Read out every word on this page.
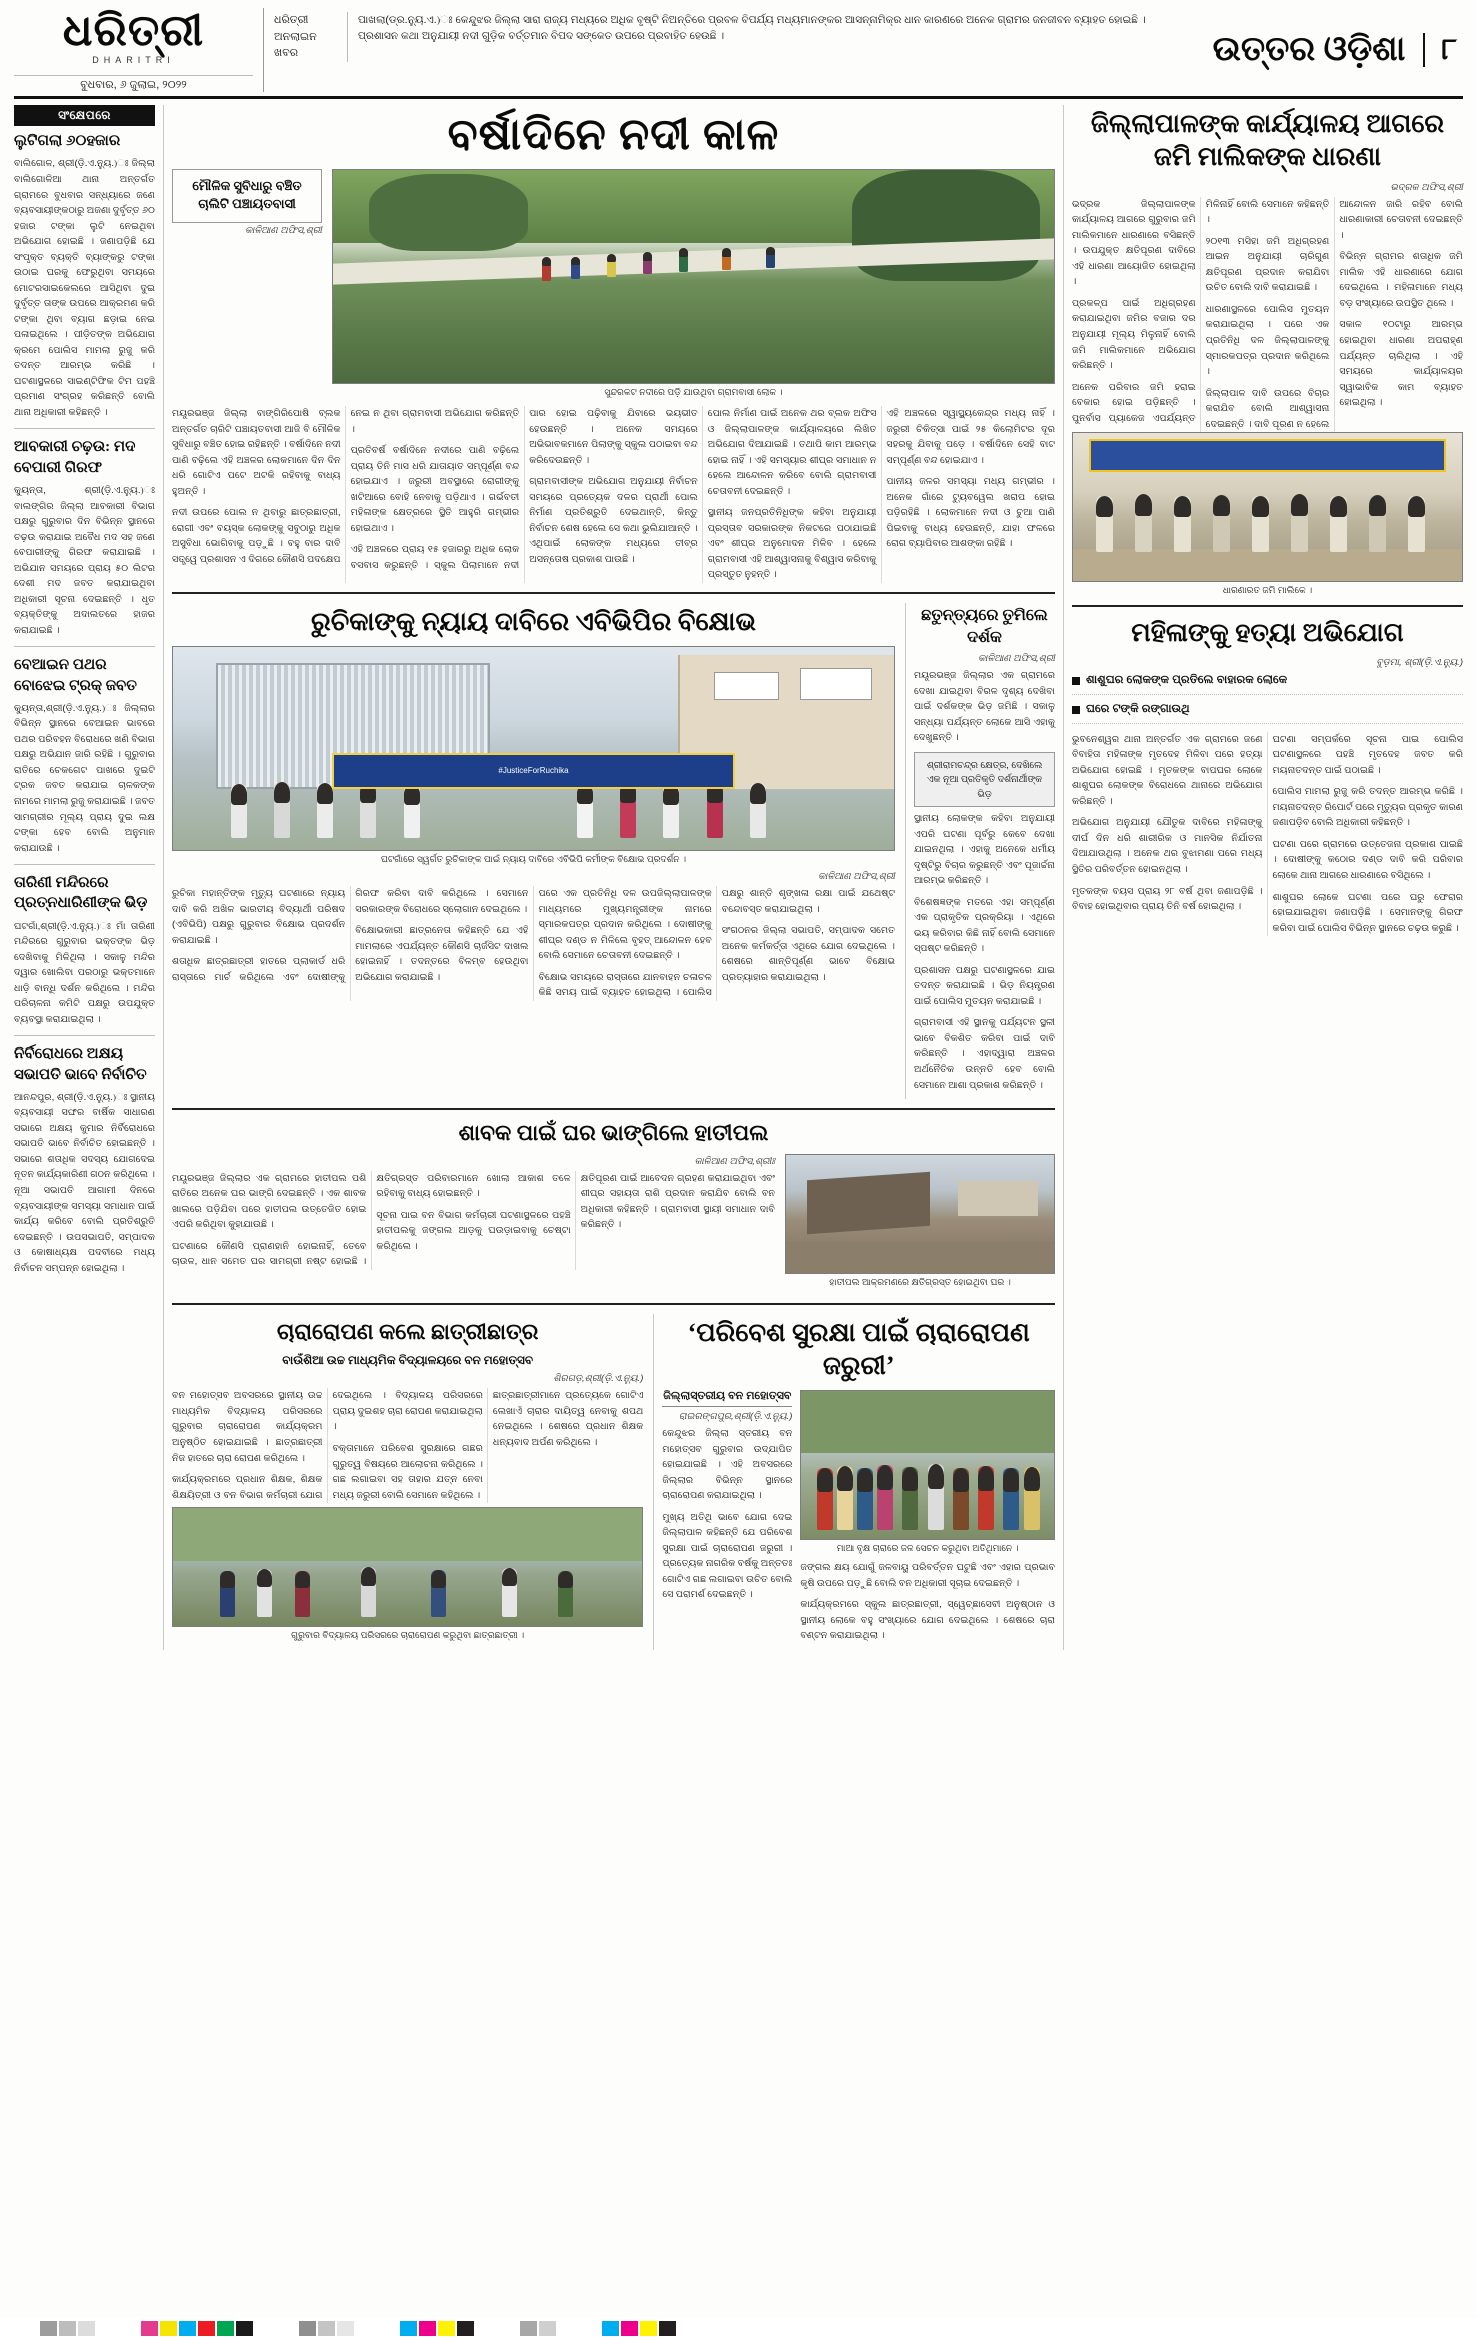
ଧରିତ୍ରୀ
DHARITRI
ବୁଧବାର, ୬ ଜୁଲାଇ, ୨୦୨୨
ଧରିତ୍ରୀ ଅନଲାଇନ ଖବର
ପାଖଲା(ଡ୍ର.ନ୍ୟୁ.ଏ.)ଃ କେନ୍ଦୁଝର ଜିଲ୍ଲା ସାରା ରାଜ୍ୟ ମଧ୍ୟରେ ଅଧିକ ବୃଷ୍ଟି ନିଅନ୍ତିରେ ପ୍ରବଳ ବିପର୍ଯ୍ୟ ମଧ୍ୟମାନଙ୍କର ଆସନ୍ନାମିକ୍ର ଧାନ କାରଣରେ ଅନେକ ଗ୍ରାମର ଜନଜୀବନ ବ୍ୟାହତ ହୋଇଛି । ପ୍ରଶାସନ କଥା ଅନୁଯାୟୀ ନଦୀ ଗୁଡ଼ିକ ବର୍ତ୍ତମାନ ବିପଦ ସଙ୍କେତ ଉପରେ ପ୍ରବାହିତ ହେଉଛି ।	ଉତ୍ତର ଓଡ଼ିଶା	୮
ସଂକ୍ଷେପରେ
ଲୁଟିଗଲା ୬୦ହଜାର

ବାଲିଗୋଳ, ଶ୍ରୀ(ଡ଼ି.ଏ.ନ୍ୟୁ.)ଃ ଜିଲ୍ଲା ବାଲିଗୋଳିଆ ଥାନା ଅନ୍ତର୍ଗତ ଗ୍ରାମରେ ବୁଧବାର ସନ୍ଧ୍ୟାରେ ଜଣେ ବ୍ୟବସାୟୀଙ୍କଠାରୁ ଅଜଣା ଦୁର୍ବୃତ୍ତ ୬୦ ହଜାର ଟଙ୍କା ଲୁଟି ନେଇଥିବା ଅଭିଯୋଗ ହୋଇଛି । ଜଣାପଡ଼ିଛି ଯେ ସଂପୃକ୍ତ ବ୍ୟକ୍ତି ବ୍ୟାଙ୍କରୁ ଟଙ୍କା ଉଠାଇ ଘରକୁ ଫେରୁଥିବା ସମୟରେ ମୋଟରସାଇକେଲରେ ଆସିଥିବା ଦୁଇ ଦୁର୍ବୃତ୍ତ ତାଙ୍କ ଉପରେ ଆକ୍ରମଣ କରି ଟଙ୍କା ଥିବା ବ୍ୟାଗ ଛଡ଼ାଇ ନେଇ ପଳାଇଥିଲେ । ପୀଡ଼ିତଙ୍କ ଅଭିଯୋଗ କ୍ରମେ ପୋଲିସ ମାମଲା ରୁଜୁ କରି ତଦନ୍ତ ଆରମ୍ଭ କରିଛି । ଘଟଣାସ୍ଥଳରେ ସାଇଣ୍ଟିଫିକ ଟିମ ପହଞ୍ଚି ପ୍ରମାଣ ସଂଗ୍ରହ କରିଛନ୍ତି ବୋଲି ଥାନା ଅଧିକାରୀ କହିଛନ୍ତି ।

ଆବକାରୀ ଚଢ଼ଉ: ମଦ ବେପାରୀ ଗିରଫ

କ୍ୟୁନ୍ତା, ଶ୍ରୀ(ଡ଼ି.ଏ.ନ୍ୟୁ.)ଃ ବାଲଙ୍ଗିର ଜିଲ୍ଲା ଆବକାରୀ ବିଭାଗ ପକ୍ଷରୁ ଗୁରୁବାର ଦିନ ବିଭିନ୍ନ ସ୍ଥାନରେ ଚଢ଼ଉ କରାଯାଇ ଅବୈଧ ମଦ ସହ ଜଣେ ବେପାରୀଙ୍କୁ ଗିରଫ କରାଯାଇଛି । ଅଭିଯାନ ସମୟରେ ପ୍ରାୟ ୫୦ ଲିଟର ଦେଶୀ ମଦ ଜବତ କରାଯାଇଥିବା ଅଧିକାରୀ ସୂଚନା ଦେଇଛନ୍ତି । ଧୃତ ବ୍ୟକ୍ତିଙ୍କୁ ଅଦାଲତରେ ହାଜର କରାଯାଇଛି ।

ବେଆଇନ ପଥର ବୋଝେଇ ଟ୍ରକ୍ ଜବତ

କ୍ୟୁନ୍ତା,ଶ୍ରୀ(ଡ଼ି.ଏ.ନ୍ୟୁ.)ଃ ଜିଲ୍ଲାର ବିଭିନ୍ନ ସ୍ଥାନରେ ବେଆଇନ ଭାବରେ ପଥର ପରିବହନ ବିରୋଧରେ ଖଣି ବିଭାଗ ପକ୍ଷରୁ ଅଭିଯାନ ଜାରି ରହିଛି । ଗୁରୁବାର ରାତିରେ ଚେକଗେଟ ପାଖରେ ଦୁଇଟି ଟ୍ରକ ଜବତ କରାଯାଇ ଚାଳକଙ୍କ ନାମରେ ମାମଲା ରୁଜୁ କରାଯାଇଛି । ଜବତ ସାମଗ୍ରୀର ମୂଲ୍ୟ ପ୍ରାୟ ଦୁଇ ଲକ୍ଷ ଟଙ୍କା ହେବ ବୋଲି ଅନୁମାନ କରାଯାଉଛି ।

ତାରିଣୀ ମନ୍ଦିରରେ ପ୍ରତ୍ନଧାରିଣୀଙ୍କ ଭିଡ଼

ଘଟଗାଁ,ଶ୍ରୀ(ଡ଼ି.ଏ.ନ୍ୟୁ.)ଃ ମାଁ ତାରିଣୀ ମନ୍ଦିରରେ ଗୁରୁବାର ଭକ୍ତଙ୍କ ଭିଡ଼ ଦେଖିବାକୁ ମିଳିଥିଲା । ସକାଳୁ ମନ୍ଦିର ଦ୍ୱାର ଖୋଲିବା ପରଠାରୁ ଭକ୍ତମାନେ ଧାଡ଼ି ବାନ୍ଧି ଦର୍ଶନ କରିଥିଲେ । ମନ୍ଦିର ପରିଚାଳନା କମିଟି ପକ୍ଷରୁ ଉପଯୁକ୍ତ ବ୍ୟବସ୍ଥା କରାଯାଇଥିଲା ।

ନିର୍ବିରୋଧରେ ଅକ୍ଷୟ ସଭାପତି ଭାବେ ନିର୍ବାଚିତ

ଆନନ୍ଦପୁର, ଶ୍ରୀ(ଡ଼ି.ଏ.ନ୍ୟୁ.)ଃ ସ୍ଥାନୀୟ ବ୍ୟବସାୟୀ ସଙ୍ଘର ବାର୍ଷିକ ସାଧାରଣ ସଭାରେ ଅକ୍ଷୟ କୁମାର ନିର୍ବିରୋଧରେ ସଭାପତି ଭାବେ ନିର୍ବାଚିତ ହୋଇଛନ୍ତି । ସଭାରେ ଶତାଧିକ ସଦସ୍ୟ ଯୋଗଦେଇ ନୂତନ କାର୍ଯ୍ୟକାରିଣୀ ଗଠନ କରିଥିଲେ । ନୂଆ ସଭାପତି ଆଗାମୀ ଦିନରେ ବ୍ୟବସାୟୀଙ୍କ ସମସ୍ୟା ସମାଧାନ ପାଇଁ କାର୍ଯ୍ୟ କରିବେ ବୋଲି ପ୍ରତିଶ୍ରୁତି ଦେଇଛନ୍ତି । ଉପସଭାପତି, ସମ୍ପାଦକ ଓ କୋଷାଧ୍ୟକ୍ଷ ପଦବୀରେ ମଧ୍ୟ ନିର୍ବାଚନ ସମ୍ପନ୍ନ ହୋଇଥିଲା ।

ବର୍ଷାଦିନେ ନଦୀ କାଳ
ମୌଳିକ ସୁବିଧାରୁ ବଞ୍ଚିତ ଚାଲିଟି ପଞ୍ଚାୟତବାସୀ
କାଳିଆଣ ଅଫିସ,ଶ୍ରୀ
ସୁନ୍ଦରକଟ ନଦୀରେ ପଡ଼ି ଯାଉଥିବା ଗ୍ରାମବାସୀ ଲୋକ ।

ମୟୂରଭଞ୍ଜ ଜିଲ୍ଲା ବାଙ୍ଗିରିପୋଷି ବ୍ଲକ ଅନ୍ତର୍ଗତ ଚାରିଟି ପଞ୍ଚାୟତବାସୀ ଆଜି ବି ମୌଳିକ ସୁବିଧାରୁ ବଞ୍ଚିତ ହୋଇ ରହିଛନ୍ତି । ବର୍ଷାଦିନେ ନଦୀ ପାଣି ବଢ଼ିଲେ ଏହି ଅଞ୍ଚଳର ଲୋକମାନେ ଦିନ ଦିନ ଧରି ଗୋଟିଏ ପଟେ ଅଟକି ରହିବାକୁ ବାଧ୍ୟ ହୁଅନ୍ତି ।

ନଦୀ ଉପରେ ପୋଲ ନ ଥିବାରୁ ଛାତ୍ରଛାତ୍ରୀ, ରୋଗୀ ଏବଂ ବୟସ୍କ ଲୋକଙ୍କୁ ସବୁଠାରୁ ଅଧିକ ଅସୁବିଧା ଭୋଗିବାକୁ ପଡ଼ୁଛି । ବହୁ ବାର ଦାବି ସତ୍ତ୍ୱେ ପ୍ରଶାସନ ଏ ଦିଗରେ କୌଣସି ପଦକ୍ଷେପ ନେଇ ନ ଥିବା ଗ୍ରାମବାସୀ ଅଭିଯୋଗ କରିଛନ୍ତି ।

ପ୍ରତିବର୍ଷ ବର୍ଷାଦିନେ ନଦୀରେ ପାଣି ବଢ଼ିଲେ ପ୍ରାୟ ତିନି ମାସ ଧରି ଯାତାୟାତ ସମ୍ପୂର୍ଣ୍ଣ ବନ୍ଦ ହୋଇଯାଏ । ଜରୁରୀ ଅବସ୍ଥାରେ ରୋଗୀଙ୍କୁ ଖଟିଆରେ ବୋହି ନେବାକୁ ପଡ଼ିଥାଏ । ଗର୍ଭବତୀ ମହିଳାଙ୍କ କ୍ଷେତ୍ରରେ ସ୍ଥିତି ଆହୁରି ଗମ୍ଭୀର ହୋଇଥାଏ ।

ଏହି ଅଞ୍ଚଳରେ ପ୍ରାୟ ୧୫ ହଜାରରୁ ଅଧିକ ଲୋକ ବସବାସ କରୁଛନ୍ତି । ସ୍କୁଲ ପିଲାମାନେ ନଦୀ ପାର ହୋଇ ପଢ଼ିବାକୁ ଯିବାରେ ଭୟଭୀତ ହେଉଛନ୍ତି । ଅନେକ ସମୟରେ ଅଭିଭାବକମାନେ ପିଲାଙ୍କୁ ସ୍କୁଲ ପଠାଇବା ବନ୍ଦ କରିଦେଉଛନ୍ତି ।

ଗ୍ରାମବାସୀଙ୍କ ଅଭିଯୋଗ ଅନୁଯାୟୀ ନିର୍ବାଚନ ସମୟରେ ପ୍ରତ୍ୟେକ ଦଳର ପ୍ରାର୍ଥୀ ପୋଲ ନିର୍ମାଣ ପ୍ରତିଶ୍ରୁତି ଦେଇଥାନ୍ତି, କିନ୍ତୁ ନିର୍ବାଚନ ଶେଷ ହେଲେ ସେ କଥା ଭୁଲିଯାଆନ୍ତି । ଏଥିପାଇଁ ଲୋକଙ୍କ ମଧ୍ୟରେ ତୀବ୍ର ଅସନ୍ତୋଷ ପ୍ରକାଶ ପାଉଛି ।

ପୋଲ ନିର୍ମାଣ ପାଇଁ ଅନେକ ଥର ବ୍ଲକ ଅଫିସ ଓ ଜିଲ୍ଲାପାଳଙ୍କ କାର୍ଯ୍ୟାଳୟରେ ଲିଖିତ ଅଭିଯୋଗ ଦିଆଯାଇଛି । ତଥାପି କାମ ଆରମ୍ଭ ହୋଇ ନାହିଁ । ଏହି ସମସ୍ୟାର ଶୀଘ୍ର ସମାଧାନ ନ ହେଲେ ଆନ୍ଦୋଳନ କରିବେ ବୋଲି ଗ୍ରାମବାସୀ ଚେତାବନୀ ଦେଇଛନ୍ତି ।

ସ୍ଥାନୀୟ ଜନପ୍ରତିନିଧିଙ୍କ କହିବା ଅନୁଯାୟୀ ପ୍ରସ୍ତାବ ସରକାରଙ୍କ ନିକଟରେ ପଠାଯାଇଛି ଏବଂ ଶୀଘ୍ର ଅନୁମୋଦନ ମିଳିବ । ହେଲେ ଗ୍ରାମବାସୀ ଏହି ଆଶ୍ୱାସନାକୁ ବିଶ୍ୱାସ କରିବାକୁ ପ୍ରସ୍ତୁତ ନୁହନ୍ତି ।

ଏହି ଅଞ୍ଚଳରେ ସ୍ୱାସ୍ଥ୍ୟକେନ୍ଦ୍ର ମଧ୍ୟ ନାହିଁ । ଜରୁରୀ ଚିକିତ୍ସା ପାଇଁ ୨୫ କିଲୋମିଟର ଦୂର ସହରକୁ ଯିବାକୁ ପଡ଼େ । ବର୍ଷାଦିନେ ସେହି ବାଟ ସମ୍ପୂର୍ଣ୍ଣ ବନ୍ଦ ହୋଇଯାଏ ।

ପାନୀୟ ଜଳର ସମସ୍ୟା ମଧ୍ୟ ଗମ୍ଭୀର । ଅନେକ ଗାଁରେ ଟ୍ୟୁବୱେଲ ଖରାପ ହୋଇ ପଡ଼ିରହିଛି । ଲୋକମାନେ ନଦୀ ଓ ଚୁଆ ପାଣି ପିଇବାକୁ ବାଧ୍ୟ ହେଉଛନ୍ତି, ଯାହା ଫଳରେ ରୋଗ ବ୍ୟାପିବାର ଆଶଙ୍କା ରହିଛି ।

ରୁଚିକାଙ୍କୁ ନ୍ୟାୟ ଦାବିରେ ଏବିଭିପିର ବିକ୍ଷୋଭ
#JusticeForRuchika
ଘଟଗାଁରେ ସ୍ୱର୍ଗତ ରୁଚିକାଙ୍କ ପାଇଁ ନ୍ୟାୟ ଦାବିରେ ଏବିଭିପି କର୍ମୀଙ୍କ ବିକ୍ଷୋଭ ପ୍ରଦର୍ଶନ ।
କାଳିଆଣ ଅଫିସ,ଶ୍ରୀ

ରୁଚିକା ମହାନ୍ତିଙ୍କ ମୃତ୍ୟୁ ଘଟଣାରେ ନ୍ୟାୟ ଦାବି କରି ଅଖିଳ ଭାରତୀୟ ବିଦ୍ୟାର୍ଥୀ ପରିଷଦ (ଏବିଭିପି) ପକ୍ଷରୁ ଗୁରୁବାର ବିକ୍ଷୋଭ ପ୍ରଦର୍ଶନ କରାଯାଇଛି ।

ଶତାଧିକ ଛାତ୍ରଛାତ୍ରୀ ହାତରେ ପ୍ଲାକାର୍ଡ ଧରି ରାସ୍ତାରେ ମାର୍ଚ କରିଥିଲେ ଏବଂ ଦୋଷୀଙ୍କୁ ଗିରଫ କରିବା ଦାବି କରିଥିଲେ । ସେମାନେ ସରକାରଙ୍କ ବିରୋଧରେ ସ୍ଲୋଗାନ ଦେଇଥିଲେ ।

ବିକ୍ଷୋଭକାରୀ ଛାତ୍ରନେତା କହିଛନ୍ତି ଯେ ଏହି ମାମଲାରେ ଏପର୍ଯ୍ୟନ୍ତ କୌଣସି ଚାର୍ଜସିଟ ଦାଖଲ ହୋଇନାହିଁ । ତଦନ୍ତରେ ବିଳମ୍ବ ହେଉଥିବା ଅଭିଯୋଗ କରାଯାଇଛି ।

ପରେ ଏକ ପ୍ରତିନିଧି ଦଳ ଉପଜିଲ୍ଲାପାଳଙ୍କ ମାଧ୍ୟମରେ ମୁଖ୍ୟମନ୍ତ୍ରୀଙ୍କ ନାମରେ ସ୍ମାରକପତ୍ର ପ୍ରଦାନ କରିଥିଲେ । ଦୋଷୀଙ୍କୁ ଶୀଘ୍ର ଦଣ୍ଡ ନ ମିଳିଲେ ବୃହତ୍ ଆନ୍ଦୋଳନ ହେବ ବୋଲି ସେମାନେ ଚେତାବନୀ ଦେଇଛନ୍ତି ।

ବିକ୍ଷୋଭ ସମୟରେ ରାସ୍ତାରେ ଯାନବାହନ ଚଳାଚଳ କିଛି ସମୟ ପାଇଁ ବ୍ୟାହତ ହୋଇଥିଲା । ପୋଲିସ ପକ୍ଷରୁ ଶାନ୍ତି ଶୃଙ୍ଖଳା ରକ୍ଷା ପାଇଁ ଯଥେଷ୍ଟ ବନ୍ଦୋବସ୍ତ କରାଯାଇଥିଲା ।

ସଂଗଠନର ଜିଲ୍ଲା ସଭାପତି, ସମ୍ପାଦକ ସମେତ ଅନେକ କର୍ମକର୍ତ୍ତା ଏଥିରେ ଯୋଗ ଦେଇଥିଲେ । ଶେଷରେ ଶାନ୍ତିପୂର୍ଣ୍ଣ ଭାବେ ବିକ୍ଷୋଭ ପ୍ରତ୍ୟାହାର କରାଯାଇଥିଲା ।

ଛତୁନ୍ତ୍ୟରେ ତୁମିଲେ ଦର୍ଶକ
କାଳିଆଣ ଅଫିସ,ଶ୍ରୀ

ମୟୂରଭଞ୍ଜ ଜିଲ୍ଲାର ଏକ ଗ୍ରାମରେ ଦେଖା ଯାଇଥିବା ବିରଳ ଦୃଶ୍ୟ ଦେଖିବା ପାଇଁ ଦର୍ଶକଙ୍କ ଭିଡ଼ ଜମିଛି । ସକାଳୁ ସନ୍ଧ୍ୟା ପର୍ଯ୍ୟନ୍ତ ଲୋକେ ଆସି ଏହାକୁ ଦେଖୁଛନ୍ତି ।

ଶ୍ରୀରାମଚନ୍ଦ୍ର କ୍ଷେତ୍ର, ଦେଖିଲେ ଏକ ନୂଆ ପ୍ରତିକୃତି ଦର୍ଶନାର୍ଥୀଙ୍କ ଭିଡ଼

ସ୍ଥାନୀୟ ଲୋକଙ୍କ କହିବା ଅନୁଯାୟୀ ଏପରି ଘଟଣା ପୂର୍ବରୁ କେବେ ଦେଖା ଯାଇନଥିଲା । ଏହାକୁ ଅନେକେ ଧର୍ମୀୟ ଦୃଷ୍ଟିରୁ ବିଚାର କରୁଛନ୍ତି ଏବଂ ପୂଜାର୍ଚ୍ଚନା ଆରମ୍ଭ କରିଛନ୍ତି ।

ବିଶେଷଜ୍ଞଙ୍କ ମତରେ ଏହା ସମ୍ପୂର୍ଣ୍ଣ ଏକ ପ୍ରାକୃତିକ ପ୍ରକ୍ରିୟା । ଏଥିରେ ଭୟ କରିବାର କିଛି ନାହିଁ ବୋଲି ସେମାନେ ସ୍ପଷ୍ଟ କରିଛନ୍ତି ।

ପ୍ରଶାସନ ପକ୍ଷରୁ ଘଟଣାସ୍ଥଳରେ ଯାଇ ତଦନ୍ତ କରାଯାଇଛି । ଭିଡ଼ ନିୟନ୍ତ୍ରଣ ପାଇଁ ପୋଲିସ ମୁତୟନ କରାଯାଇଛି ।

ଗ୍ରାମବାସୀ ଏହି ସ୍ଥାନକୁ ପର୍ଯ୍ୟଟନ ସ୍ଥଳୀ ଭାବେ ବିକଶିତ କରିବା ପାଇଁ ଦାବି କରିଛନ୍ତି । ଏହାଦ୍ୱାରା ଅଞ୍ଚଳର ଅର୍ଥନୈତିକ ଉନ୍ନତି ହେବ ବୋଲି ସେମାନେ ଆଶା ପ୍ରକାଶ କରିଛନ୍ତି ।

ଶାବକ ପାଇଁ ଘର ଭାଙ୍ଗିଲେ ହାତୀପଲ
କାଳିଆଣ ଅଫିସ,ଶ୍ରୀଃ

ମୟୂରଭଞ୍ଜ ଜିଲ୍ଲାର ଏକ ଗ୍ରାମରେ ହାତୀପଲ ପଶି ରାତିରେ ଅନେକ ଘର ଭାଙ୍ଗି ଦେଇଛନ୍ତି । ଏକ ଶାବକ ଖାଲରେ ପଡ଼ିଯିବା ପରେ ହାତୀପଲ ଉତ୍ତେଜିତ ହୋଇ ଏପରି କରିଥିବା କୁହାଯାଉଛି ।

ଘଟଣାରେ କୌଣସି ପ୍ରାଣହାନି ହୋଇନାହିଁ, ତେବେ ଚାଉଳ, ଧାନ ସମେତ ଘର ସାମଗ୍ରୀ ନଷ୍ଟ ହୋଇଛି । କ୍ଷତିଗ୍ରସ୍ତ ପରିବାରମାନେ ଖୋଲା ଆକାଶ ତଳେ ରହିବାକୁ ବାଧ୍ୟ ହୋଇଛନ୍ତି ।

ସୂଚନା ପାଇ ବନ ବିଭାଗ କର୍ମଚାରୀ ଘଟଣାସ୍ଥଳରେ ପହଞ୍ଚି ହାତୀପଲକୁ ଜଙ୍ଗଲ ଆଡ଼କୁ ଘଉଡ଼ାଇବାକୁ ଚେଷ୍ଟା କରିଥିଲେ ।

କ୍ଷତିପୂରଣ ପାଇଁ ଆବେଦନ ଗ୍ରହଣ କରାଯାଇଥିବା ଏବଂ ଶୀଘ୍ର ସହାୟତା ରାଶି ପ୍ରଦାନ କରାଯିବ ବୋଲି ବନ ଅଧିକାରୀ କହିଛନ୍ତି । ଗ୍ରାମବାସୀ ସ୍ଥାୟୀ ସମାଧାନ ଦାବି କରିଛନ୍ତି ।

ହାତୀପଲ ଆକ୍ରମଣରେ କ୍ଷତିଗ୍ରସ୍ତ ହୋଇଥିବା ଘର ।
ଚାରାରୋପଣ କଲେ ଛାତ୍ରୀଛାତ୍ର
ବାଉଁଶିଆ ଉଚ୍ଚ ମାଧ୍ୟମିକ ବିଦ୍ୟାଳୟରେ ବନ ମହୋତ୍ସବ
ଶିରଗଡ଼,ଶ୍ରୀ(ଡ଼ି.ଏ.ନ୍ୟୁ.)

ବନ ମହୋତ୍ସବ ଅବସରରେ ସ୍ଥାନୀୟ ଉଚ୍ଚ ମାଧ୍ୟମିକ ବିଦ୍ୟାଳୟ ପରିସରରେ ଗୁରୁବାର ଚାରାରୋପଣ କାର୍ଯ୍ୟକ୍ରମ ଅନୁଷ୍ଠିତ ହୋଇଯାଇଛି । ଛାତ୍ରଛାତ୍ରୀ ନିଜ ହାତରେ ଚାରା ରୋପଣ କରିଥିଲେ ।

କାର୍ଯ୍ୟକ୍ରମରେ ପ୍ରଧାନ ଶିକ୍ଷକ, ଶିକ୍ଷକ ଶିକ୍ଷୟିତ୍ରୀ ଓ ବନ ବିଭାଗ କର୍ମଚାରୀ ଯୋଗ ଦେଇଥିଲେ । ବିଦ୍ୟାଳୟ ପରିସରରେ ପ୍ରାୟ ଦୁଇଶହ ଚାରା ରୋପଣ କରାଯାଇଥିଲା ।

ବକ୍ତାମାନେ ପରିବେଶ ସୁରକ୍ଷାରେ ଗଛର ଗୁରୁତ୍ୱ ବିଷୟରେ ଆଲୋଚନା କରିଥିଲେ । ଗଛ ଲଗାଇବା ସହ ତାହାର ଯତ୍ନ ନେବା ମଧ୍ୟ ଜରୁରୀ ବୋଲି ସେମାନେ କହିଥିଲେ ।

ଛାତ୍ରଛାତ୍ରୀମାନେ ପ୍ରତ୍ୟେକେ ଗୋଟିଏ ଲେଖାଏଁ ଚାରାର ଦାୟିତ୍ୱ ନେବାକୁ ଶପଥ ନେଇଥିଲେ । ଶେଷରେ ପ୍ରଧାନ ଶିକ୍ଷକ ଧନ୍ୟବାଦ ଅର୍ପଣ କରିଥିଲେ ।

ଗୁରୁବାର ବିଦ୍ୟାଳୟ ପରିସରରେ ଚାରାରୋପଣ କରୁଥିବା ଛାତ୍ରଛାତ୍ରୀ ।
‘ପରିବେଶ ସୁରକ୍ଷା ପାଇଁ ଚାରାରୋପଣ ଜରୁରୀ’
ଜିଲ୍ଲାସ୍ତରୀୟ ବନ ମହୋତ୍ସବ
ରାଇରଙ୍ଗପୁର,ଶ୍ରୀ(ଡ଼ି.ଏ.ନ୍ୟୁ.)

କେନ୍ଦୁଝର ଜିଲ୍ଲା ସ୍ତରୀୟ ବନ ମହୋତ୍ସବ ଗୁରୁବାର ଉଦ୍‌ଯାପିତ ହୋଇଯାଇଛି । ଏହି ଅବସରରେ ଜିଲ୍ଲାର ବିଭିନ୍ନ ସ୍ଥାନରେ ଚାରାରୋପଣ କରାଯାଇଥିଲା ।

ମୁଖ୍ୟ ଅତିଥି ଭାବେ ଯୋଗ ଦେଇ ଜିଲ୍ଲାପାଳ କହିଛନ୍ତି ଯେ ପରିବେଶ ସୁରକ୍ଷା ପାଇଁ ଚାରାରୋପଣ ଜରୁରୀ । ପ୍ରତ୍ୟେକ ନାଗରିକ ବର୍ଷକୁ ଅନ୍ତତଃ ଗୋଟିଏ ଗଛ ଲଗାଇବା ଉଚିତ ବୋଲି ସେ ପରାମର୍ଶ ଦେଇଛନ୍ତି ।

ମାଆ ବୃକ୍ଷ ଚାରାରେ ଜଳ ସେଚନ କରୁଥିବା ଅତିଥିମାନେ ।

ଜଙ୍ଗଲ କ୍ଷୟ ଯୋଗୁଁ ଜଳବାୟୁ ପରିବର୍ତ୍ତନ ଘଟୁଛି ଏବଂ ଏହାର ପ୍ରଭାବ କୃଷି ଉପରେ ପଡ଼ୁଛି ବୋଲି ବନ ଅଧିକାରୀ ସୂଚାଇ ଦେଇଛନ୍ତି ।

କାର୍ଯ୍ୟକ୍ରମରେ ସ୍କୁଲ ଛାତ୍ରଛାତ୍ରୀ, ସ୍ୱେଚ୍ଛାସେବୀ ଅନୁଷ୍ଠାନ ଓ ସ୍ଥାନୀୟ ଲୋକେ ବହୁ ସଂଖ୍ୟାରେ ଯୋଗ ଦେଇଥିଲେ । ଶେଷରେ ଚାରା ବଣ୍ଟନ କରାଯାଇଥିଲା ।

ଜିଲ୍ଲାପାଳଙ୍କ କାର୍ଯ୍ୟାଳୟ ଆଗରେ ଜମି ମାଲିକଙ୍କ ଧାରଣା
ଭଦ୍ରକ ଅଫିସ,ଶ୍ରୀ

ଭଦ୍ରକ ଜିଲ୍ଲାପାଳଙ୍କ କାର୍ଯ୍ୟାଳୟ ଆଗରେ ଗୁରୁବାର ଜମି ମାଲିକମାନେ ଧାରଣାରେ ବସିଛନ୍ତି । ଉପଯୁକ୍ତ କ୍ଷତିପୂରଣ ଦାବିରେ ଏହି ଧାରଣା ଆୟୋଜିତ ହୋଇଥିଲା ।

ପ୍ରକଳ୍ପ ପାଇଁ ଅଧିଗ୍ରହଣ କରାଯାଇଥିବା ଜମିର ବଜାର ଦର ଅନୁଯାୟୀ ମୂଲ୍ୟ ମିଳୁନାହିଁ ବୋଲି ଜମି ମାଲିକମାନେ ଅଭିଯୋଗ କରିଛନ୍ତି ।

ଅନେକ ପରିବାର ଜମି ହରାଇ ବେକାର ହୋଇ ପଡ଼ିଛନ୍ତି । ପୁନର୍ବାସ ପ୍ୟାକେଜ ଏପର୍ଯ୍ୟନ୍ତ ମିଳିନାହିଁ ବୋଲି ସେମାନେ କହିଛନ୍ତି ।

୨୦୧୩ ମସିହା ଜମି ଅଧିଗ୍ରହଣ ଆଇନ ଅନୁଯାୟୀ ଚାରିଗୁଣ କ୍ଷତିପୂରଣ ପ୍ରଦାନ କରାଯିବା ଉଚିତ ବୋଲି ଦାବି କରାଯାଇଛି ।

ଧାରଣାସ୍ଥଳରେ ପୋଲିସ ମୁତୟନ କରାଯାଇଥିଲା । ପରେ ଏକ ପ୍ରତିନିଧି ଦଳ ଜିଲ୍ଲାପାଳଙ୍କୁ ସ୍ମାରକପତ୍ର ପ୍ରଦାନ କରିଥିଲେ ।

ଜିଲ୍ଲାପାଳ ଦାବି ଉପରେ ବିଚାର କରାଯିବ ବୋଲି ଆଶ୍ୱାସନା ଦେଇଛନ୍ତି । ଦାବି ପୂରଣ ନ ହେଲେ ଆନ୍ଦୋଳନ ଜାରି ରହିବ ବୋଲି ଧାରଣାକାରୀ ଚେତାବନୀ ଦେଇଛନ୍ତି ।

ବିଭିନ୍ନ ଗ୍ରାମର ଶତାଧିକ ଜମି ମାଲିକ ଏହି ଧାରଣାରେ ଯୋଗ ଦେଇଥିଲେ । ମହିଳାମାନେ ମଧ୍ୟ ବଡ଼ ସଂଖ୍ୟାରେ ଉପସ୍ଥିତ ଥିଲେ ।

ସକାଳ ୧୦ଟାରୁ ଆରମ୍ଭ ହୋଇଥିବା ଧାରଣା ଅପରାହ୍ଣ ପର୍ଯ୍ୟନ୍ତ ଚାଲିଥିଲା । ଏହି ସମୟରେ କାର୍ଯ୍ୟାଳୟର ସ୍ୱାଭାବିକ କାମ ବ୍ୟାହତ ହୋଇଥିଲା ।

ଧାରଣାରତ ଜମି ମାଲିକେ ।
ମହିଳାଙ୍କୁ ହତ୍ୟା ଅଭିଯୋଗ
ବୁଡ଼ମା, ଶ୍ରୀ(ଡ଼ି.ଏ.ନ୍ୟୁ.)
ଶାଶୁଘର ଲୋକଙ୍କ ପ୍ରତିଲେ ବାହାରକ ଲୋକେ
ଘରେ ଟଙ୍କି ରଙ୍ଗାଉଥି

ଭୁବନେଶ୍ୱର ଥାନା ଅନ୍ତର୍ଗତ ଏକ ଗ୍ରାମରେ ଜଣେ ବିବାହିତା ମହିଳାଙ୍କ ମୃତଦେହ ମିଳିବା ପରେ ହତ୍ୟା ଅଭିଯୋଗ ହୋଇଛି । ମୃତକଙ୍କ ବାପଘର ଲୋକେ ଶାଶୁଘର ଲୋକଙ୍କ ବିରୋଧରେ ଥାନାରେ ଅଭିଯୋଗ କରିଛନ୍ତି ।

ଅଭିଯୋଗ ଅନୁଯାୟୀ ଯୌତୁକ ଦାବିରେ ମହିଳାଙ୍କୁ ଦୀର୍ଘ ଦିନ ଧରି ଶାରୀରିକ ଓ ମାନସିକ ନିର୍ଯାତନା ଦିଆଯାଉଥିଲା । ଅନେକ ଥର ବୁଝାମଣା ପରେ ମଧ୍ୟ ସ୍ଥିତିର ପରିବର୍ତ୍ତନ ହୋଇନଥିଲା ।

ମୃତକଙ୍କ ବୟସ ପ୍ରାୟ ୨୮ ବର୍ଷ ଥିବା ଜଣାପଡ଼ିଛି । ବିବାହ ହୋଇଥିବାର ପ୍ରାୟ ତିନି ବର୍ଷ ହୋଇଥିଲା ।

ଘଟଣା ସମ୍ପର୍କରେ ସୂଚନା ପାଇ ପୋଲିସ ଘଟଣାସ୍ଥଳରେ ପହଞ୍ଚି ମୃତଦେହ ଜବତ କରି ମୟନାତଦନ୍ତ ପାଇଁ ପଠାଇଛି ।

ପୋଲିସ ମାମଲା ରୁଜୁ କରି ତଦନ୍ତ ଆରମ୍ଭ କରିଛି । ମୟନାତଦନ୍ତ ରିପୋର୍ଟ ପରେ ମୃତ୍ୟୁର ପ୍ରକୃତ କାରଣ ଜଣାପଡ଼ିବ ବୋଲି ଅଧିକାରୀ କହିଛନ୍ତି ।

ଘଟଣା ପରେ ଗ୍ରାମରେ ଉତ୍ତେଜନା ପ୍ରକାଶ ପାଇଛି । ଦୋଷୀଙ୍କୁ କଠୋର ଦଣ୍ଡ ଦାବି କରି ପରିବାର ଲୋକେ ଥାନା ଆଗରେ ଧାରଣାରେ ବସିଥିଲେ ।

ଶାଶୁଘର ଲୋକେ ଘଟଣା ପରେ ଘରୁ ଫେରାର ହୋଇଯାଇଥିବା ଜଣାପଡ଼ିଛି । ସେମାନଙ୍କୁ ଗିରଫ କରିବା ପାଇଁ ପୋଲିସ ବିଭିନ୍ନ ସ୍ଥାନରେ ଚଢ଼ଉ କରୁଛି ।
